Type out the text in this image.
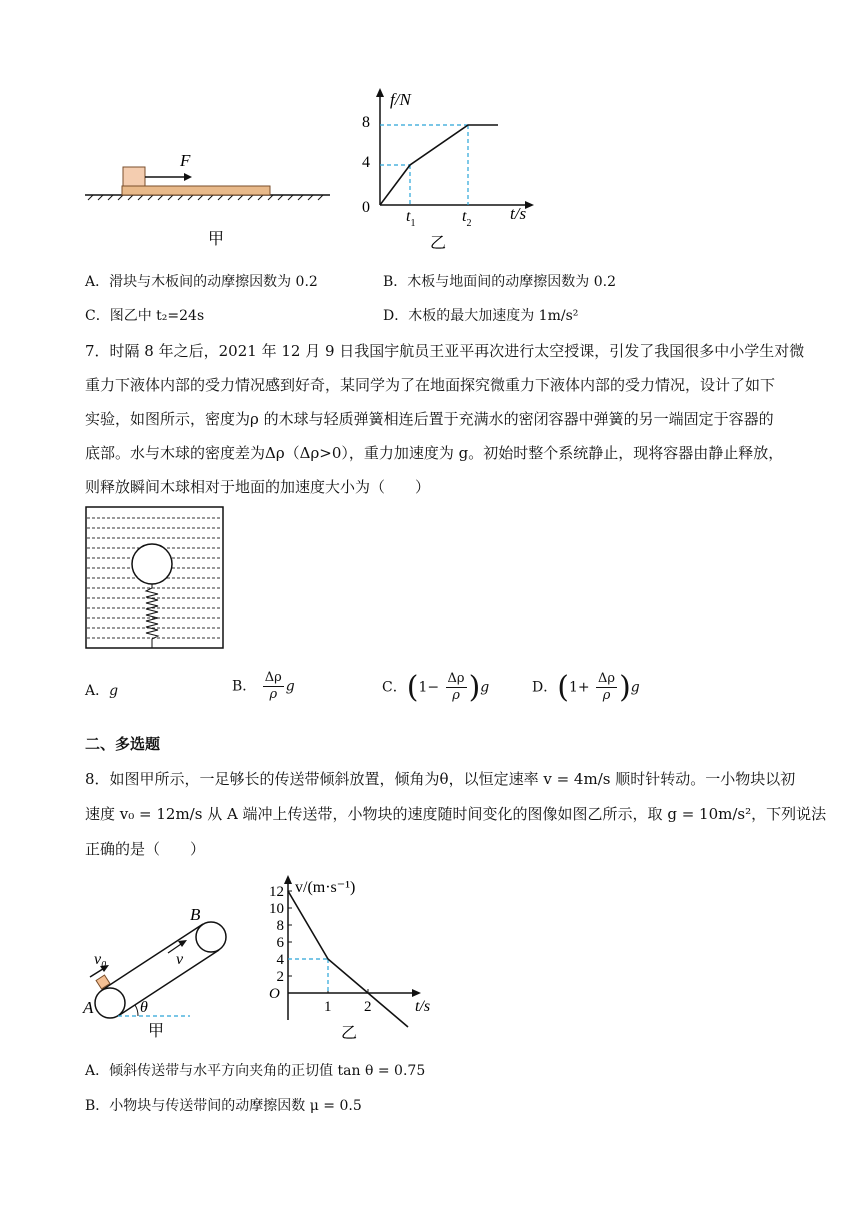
F
甲
f/N
t/s
0
8
4
$t_1$	$t_2$
乙
A．滑块与木板间的动摩擦因数为 0.2	B．木板与地面间的动摩擦因数为 0.2
C．图乙中 t₂=24s	D．木板的最大加速度为 1m/s²
7．时隔 8 年之后，2021 年 12 月 9 日我国宇航员王亚平再次进行太空授课，引发了我国很多中小学生对微
重力下液体内部的受力情况感到好奇，某同学为了在地面探究微重力下液体内部的受力情况，设计了如下
实验，如图所示，密度为ρ 的木球与轻质弹簧相连后置于充满水的密闭容器中弹簧的另一端固定于容器的
底部。水与木球的密度差为Δρ（Δρ>0），重力加速度为 g。初始时整个系统静止，现将容器由静止释放，
则释放瞬间木球相对于地面的加速度大小为（　　）
A．g	B． $\frac{\Delta\rho}{\rho}$ g	C．$(1- \frac{\Delta\rho}{\rho} )g$	D．$(1+ \frac{\Delta\rho}{\rho} )g$
二、多选题
8．如图甲所示，一足够长的传送带倾斜放置，倾角为θ，以恒定速率 v = 4m/s 顺时针转动。一小物块以初
速度 v₀ = 12m/s 从 A 端冲上传送带，小物块的速度随时间变化的图像如图乙所示，取 g = 10m/s²，下列说法
正确的是（　　）
v₀	v
A
B
θ
甲
v/(m·s⁻¹)
t/s
O
2
4
6
8
10
12
1 2
乙
A．倾斜传送带与水平方向夹角的正切值 tan θ = 0.75
B．小物块与传送带间的动摩擦因数 μ = 0.5
